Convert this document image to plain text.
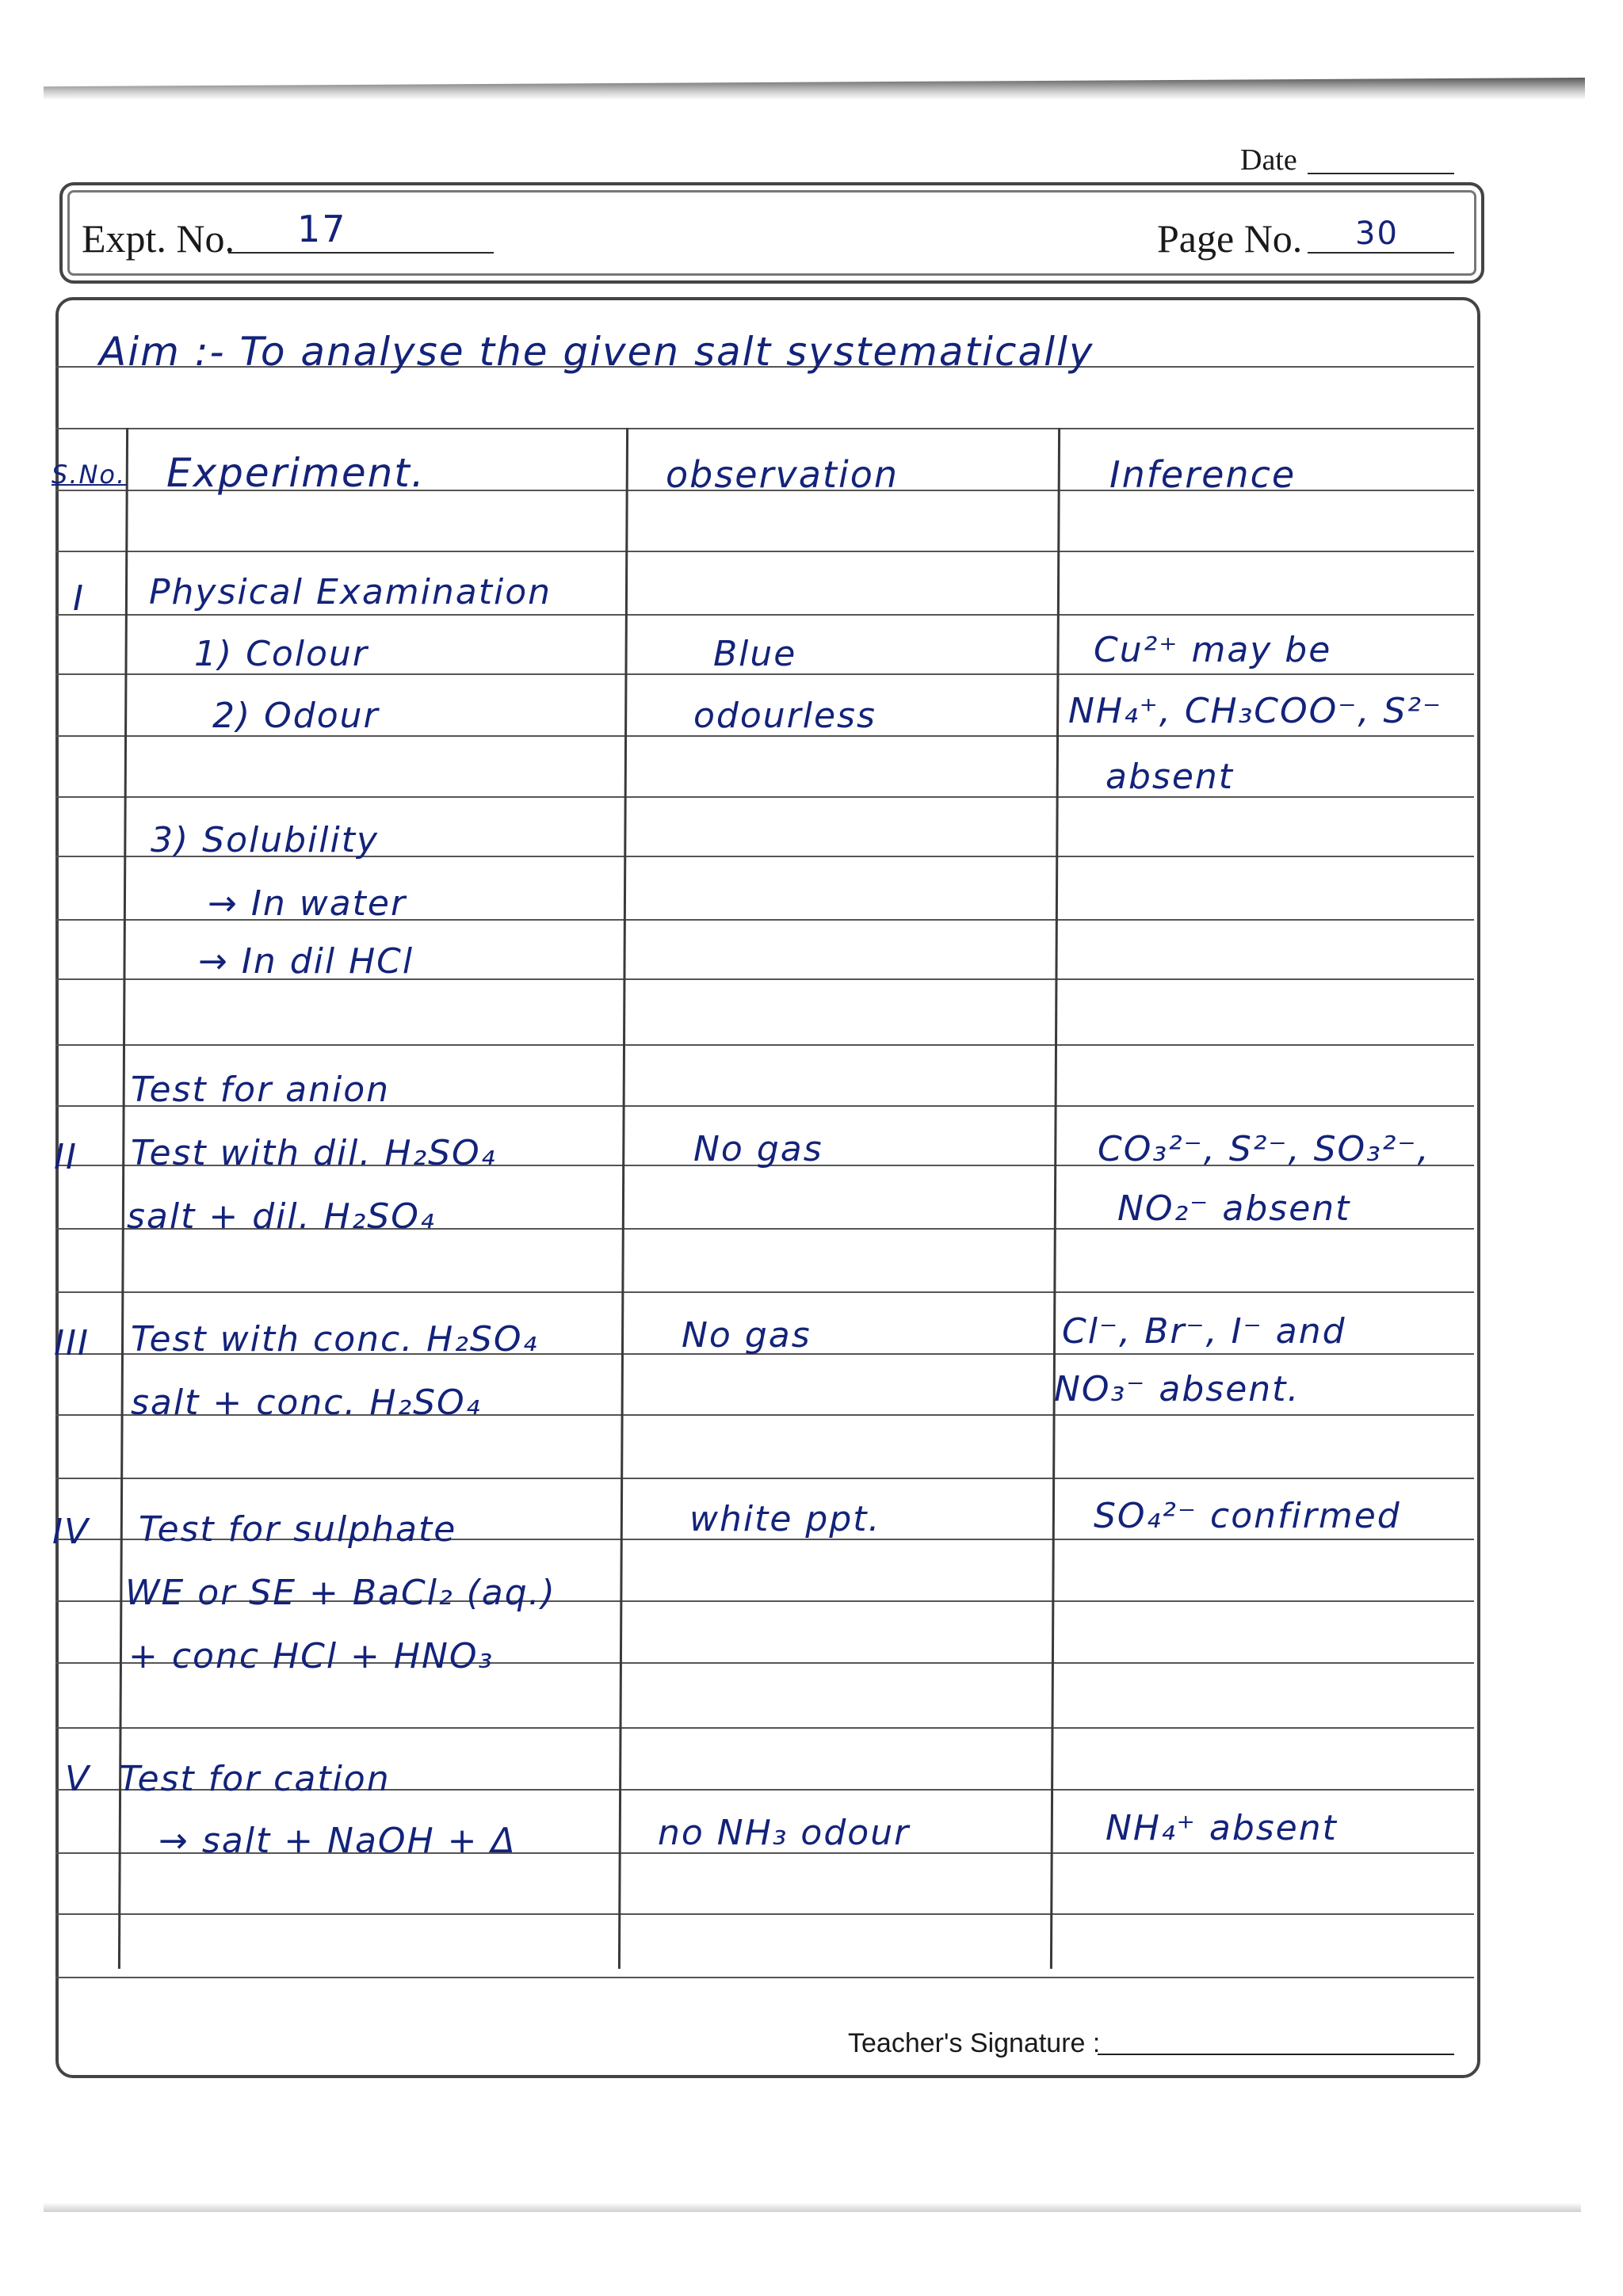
Date
Expt. No. 17	Page No. 30
Aim :- To analyse the given salt systematically
S.No. Experiment.	observation	Inference
I Physical Examination
1) Colour	Blue	Cu²⁺ may be
2) Odour	odourless	NH₄⁺, CH₃COO⁻, S²⁻
absent
3) Solubility
→ In water
→ In dil HCl
Test for anion
II Test with dil. H₂SO₄
salt + dil. H₂SO₄
No gas	CO₃²⁻, S²⁻, SO₃²⁻,
NO₂⁻ absent
III Test with conc. H₂SO₄
salt + conc. H₂SO₄
No gas	Cl⁻, Br⁻, I⁻ and
NO₃⁻ absent.
IV Test for sulphate
WE or SE + BaCl₂ (aq.)
+ conc HCl + HNO₃
white ppt.	SO₄²⁻ confirmed
V Test for cation
→ salt + NaOH + Δ	no NH₃ odour	NH₄⁺ absent
Teacher's Signature :
